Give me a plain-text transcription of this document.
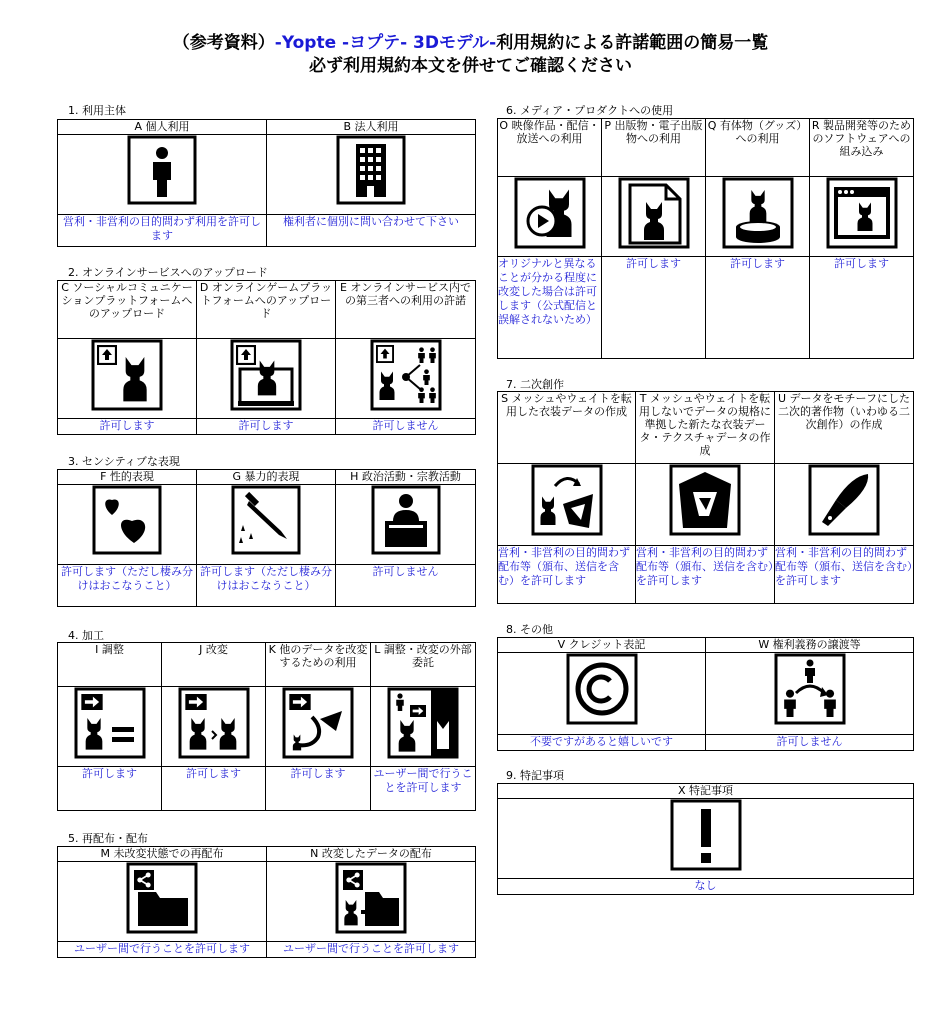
（参考資料）-Yopte -ヨプテ- 3Dモデル-利用規約による許諾範囲の簡易一覧
必ず利用規約本文を併せてご確認ください
1. 利用主体
A 個人利用	B 法人利用

営利・非営利の目的問わず利用を許可します	権利者に個別に問い合わせて下さい
2. オンラインサービスへのアップロード
C ソーシャルコミュニケーションプラットフォームへのアップロード	D オンラインゲームプラットフォームへのアップロード	E オンラインサービス内での第三者への利用の許諾

許可します	許可します	許可しません
3. センシティブな表現
F 性的表現	G 暴力的表現	H 政治活動・宗教活動

許可します（ただし棲み分けはおこなうこと）	許可します（ただし棲み分けはおこなうこと）	許可しません
4. 加工
I 調整	J 改変	K 他のデータを改変するための利用	L 調整・改変の外部委託

許可します	許可します	許可します	ユーザー間で行うことを許可します
5. 再配布・配布
M 未改変状態での再配布	N 改変したデータの配布

ユーザー間で行うことを許可します	ユーザー間で行うことを許可します
6. メディア・プロダクトへの使用
O 映像作品・配信・放送への利用	P 出版物・電子出版物への利用	Q 有体物（グッズ）への利用	R 製品開発等のためのソフトウェアへの組み込み

オリジナルと異なることが分かる程度に改変した場合は許可します（公式配信と誤解されないため）	許可します	許可します	許可します
7. 二次創作
S メッシュやウェイトを転用した衣装データの作成	T メッシュやウェイトを転用しないでデータの規格に準拠した新たな衣装データ・テクスチャデータの作成	U データをモチーフにした二次的著作物（いわゆる二次創作）の作成

営利・非営利の目的問わず配布等（頒布、送信を含む）を許可します	営利・非営利の目的問わず配布等（頒布、送信を含む）を許可します	営利・非営利の目的問わず配布等（頒布、送信を含む）を許可します
8. その他
V クレジット表記	W 権利義務の譲渡等

不要ですがあると嬉しいです	許可しません
9. 特記事項
X 特記事項

なし
